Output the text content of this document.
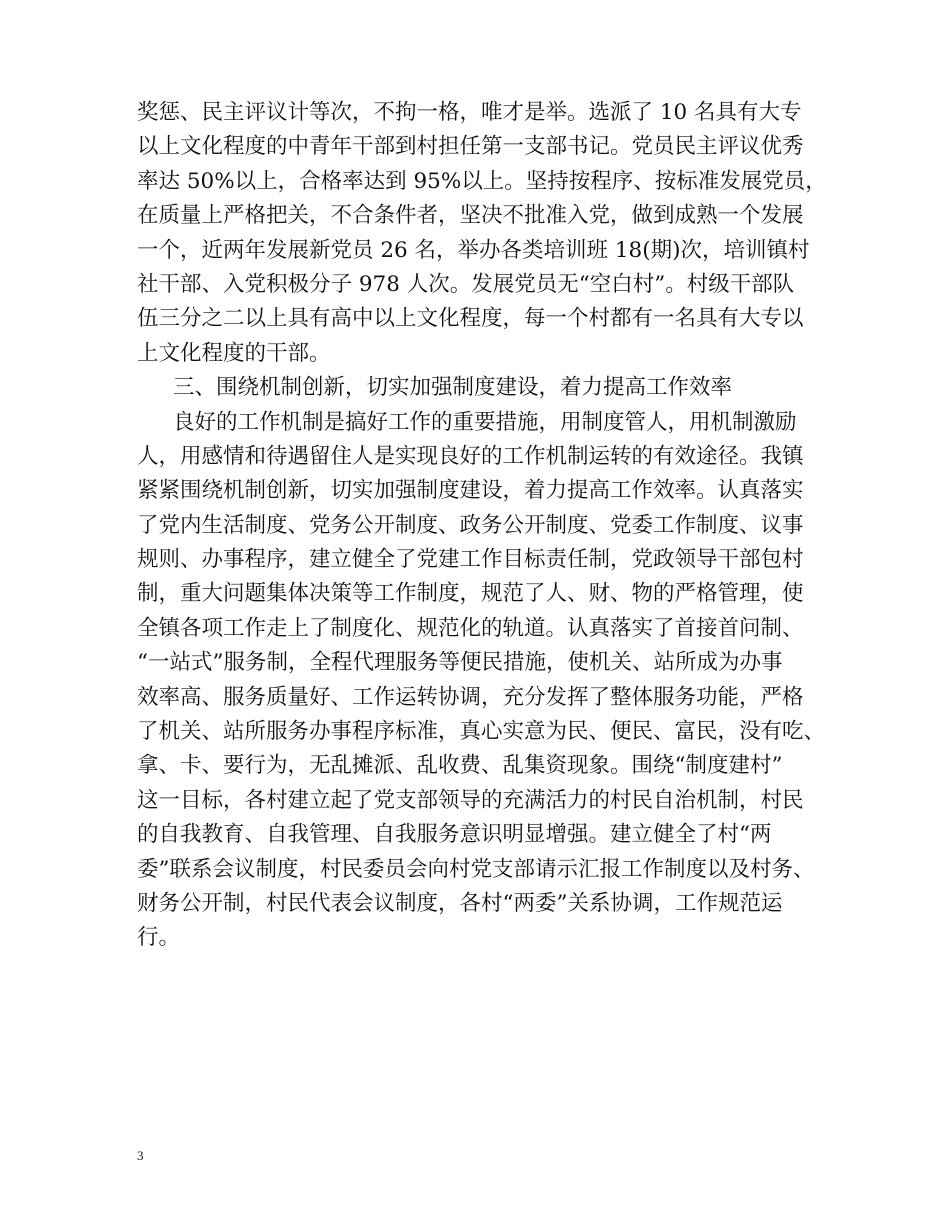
奖惩、民主评议计等次，不拘一格，唯才是举。选派了 10 名具有大专
以上文化程度的中青年干部到村担任第一支部书记。党员民主评议优秀
率达 50%以上，合格率达到 95%以上。坚持按程序、按标准发展党员，
在质量上严格把关，不合条件者，坚决不批准入党，做到成熟一个发展
一个，近两年发展新党员 26 名，举办各类培训班 18(期)次，培训镇村
社干部、入党积极分子 978 人次。发展党员无“空白村”。村级干部队
伍三分之二以上具有高中以上文化程度，每一个村都有一名具有大专以
上文化程度的干部。
三、围绕机制创新，切实加强制度建设，着力提高工作效率
良好的工作机制是搞好工作的重要措施，用制度管人，用机制激励
人，用感情和待遇留住人是实现良好的工作机制运转的有效途径。我镇
紧紧围绕机制创新，切实加强制度建设，着力提高工作效率。认真落实
了党内生活制度、党务公开制度、政务公开制度、党委工作制度、议事
规则、办事程序，建立健全了党建工作目标责任制，党政领导干部包村
制，重大问题集体决策等工作制度，规范了人、财、物的严格管理，使
全镇各项工作走上了制度化、规范化的轨道。认真落实了首接首问制、
“一站式”服务制，全程代理服务等便民措施，使机关、站所成为办事
效率高、服务质量好、工作运转协调，充分发挥了整体服务功能，严格
了机关、站所服务办事程序标准，真心实意为民、便民、富民，没有吃、
拿、卡、要行为，无乱摊派、乱收费、乱集资现象。围绕“制度建村”
这一目标，各村建立起了党支部领导的充满活力的村民自治机制，村民
的自我教育、自我管理、自我服务意识明显增强。建立健全了村“两
委”联系会议制度，村民委员会向村党支部请示汇报工作制度以及村务、
财务公开制，村民代表会议制度，各村“两委”关系协调，工作规范运
行。
3
